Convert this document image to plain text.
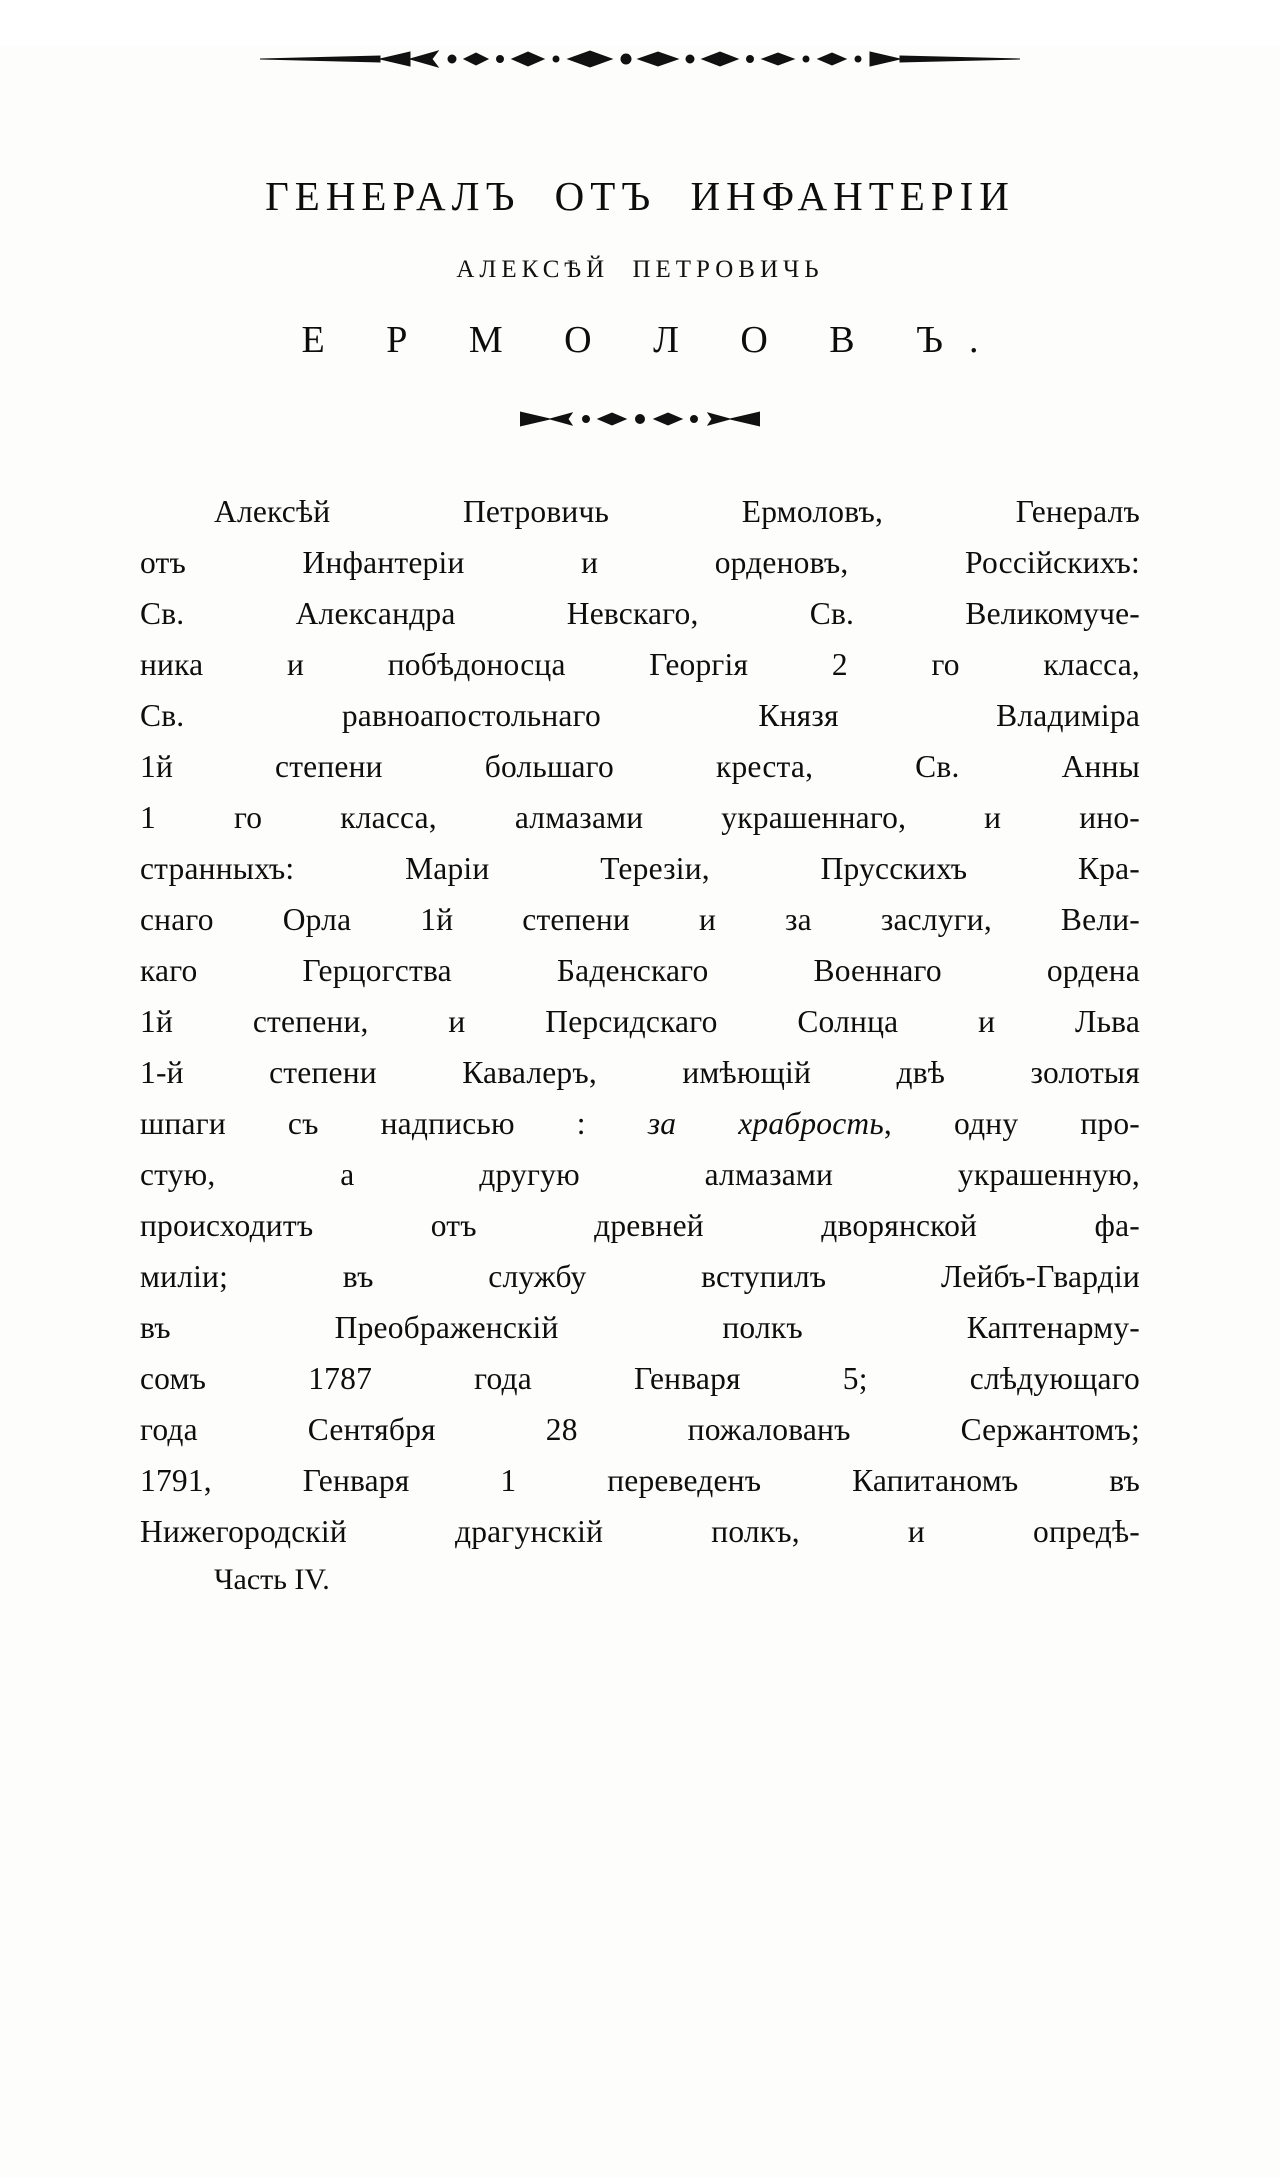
ГЕНЕРАЛЪ ОТЪ ИНФАНТЕРІИ
АЛЕКСѢЙ ПЕТРОВИЧЬ
Е Р М О Л О В Ъ.

Алексѣй Петровичь Ермоловъ, Генералъ
отъ Инфантеріи и орденовъ, Россійскихъ:
Св. Александра Невскаго, Св. Великомуче-
ника и побѣдоносца Георгія 2 го класса,
Св. равноапостольнаго Князя Владиміра
1й степени большаго креста, Св. Анны
1 го класса, алмазами украшеннаго, и ино-
странныхъ: Маріи Терезіи, Прусскихъ Кра-
снаго Орла 1й степени и за заслуги, Вели-
каго Герцогства Баденскаго Военнаго ордена
1й степени, и Персидскаго Солнца и Льва
1-й степени Кавалеръ, имѣющій двѣ золотыя
шпаги съ надписью : за храбрость, одну про-
стую, а другую алмазами украшенную,
происходитъ отъ древней дворянской фа-
миліи; въ службу вступилъ Лейбъ-Гвардіи
въ Преображенскій полкъ Каптенарму-
сомъ 1787 года Генваря 5; слѣдующаго
года Сентября 28 пожалованъ Сержантомъ;
1791, Генваря 1 переведенъ Капитаномъ въ
Нижегородскій драгунскій полкъ, и опредѣ-

Часть IV.
